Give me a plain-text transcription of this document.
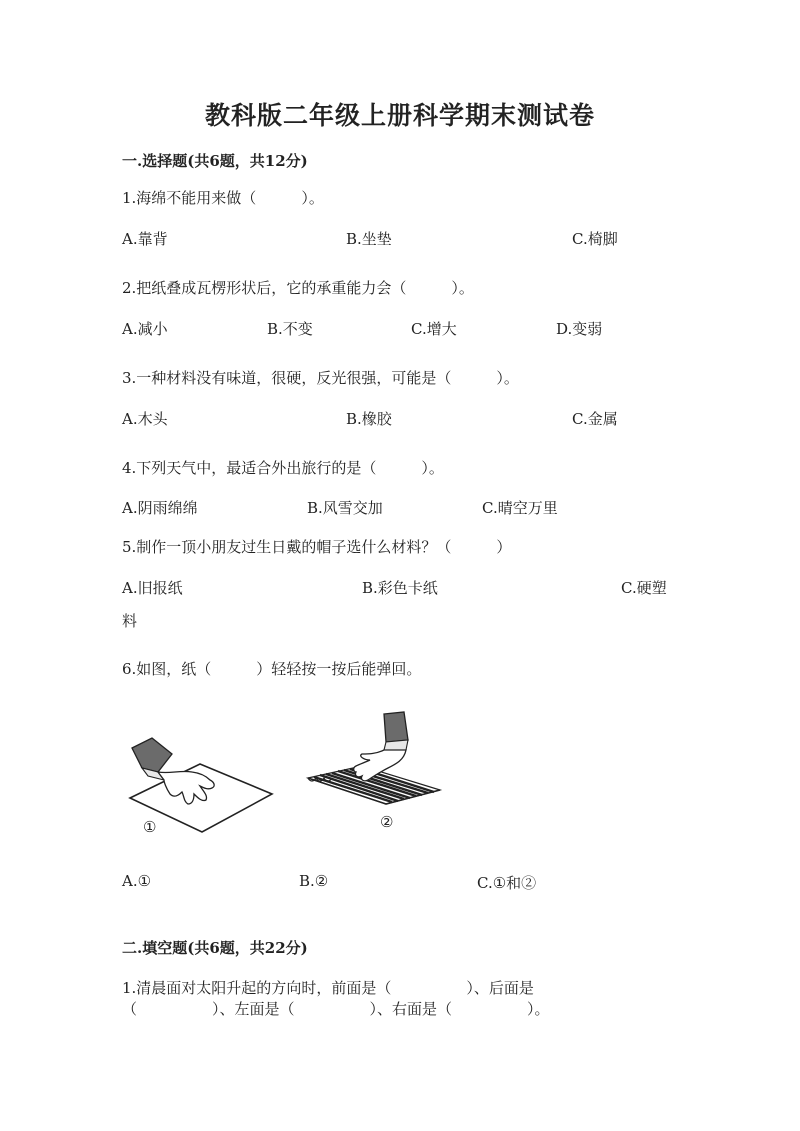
教科版二年级上册科学期末测试卷
一.选择题(共6题，共12分)
1.海绵不能用来做（　　　）。
A.靠背	B.坐垫	C.椅脚
2.把纸叠成瓦楞形状后，它的承重能力会（　　　）。
A.减小	B.不变	C.增大	D.变弱
3.一种材料没有味道，很硬，反光很强，可能是（　　　）。
A.木头	B.橡胶	C.金属
4.下列天气中，最适合外出旅行的是（　　　）。
A.阴雨绵绵	B.风雪交加	C.晴空万里
5.制作一顶小朋友过生日戴的帽子选什么材料？（　　　）
A.旧报纸	B.彩色卡纸	C.硬塑
料
6.如图，纸（　　　）轻轻按一按后能弹回。
①	②
A.①	B.②	C.①和②
二.填空题(共6题，共22分)
1.清晨面对太阳升起的方向时，前面是（　　　　　）、后面是
（　　　　　）、左面是（　　　　　）、右面是（　　　　　）。
